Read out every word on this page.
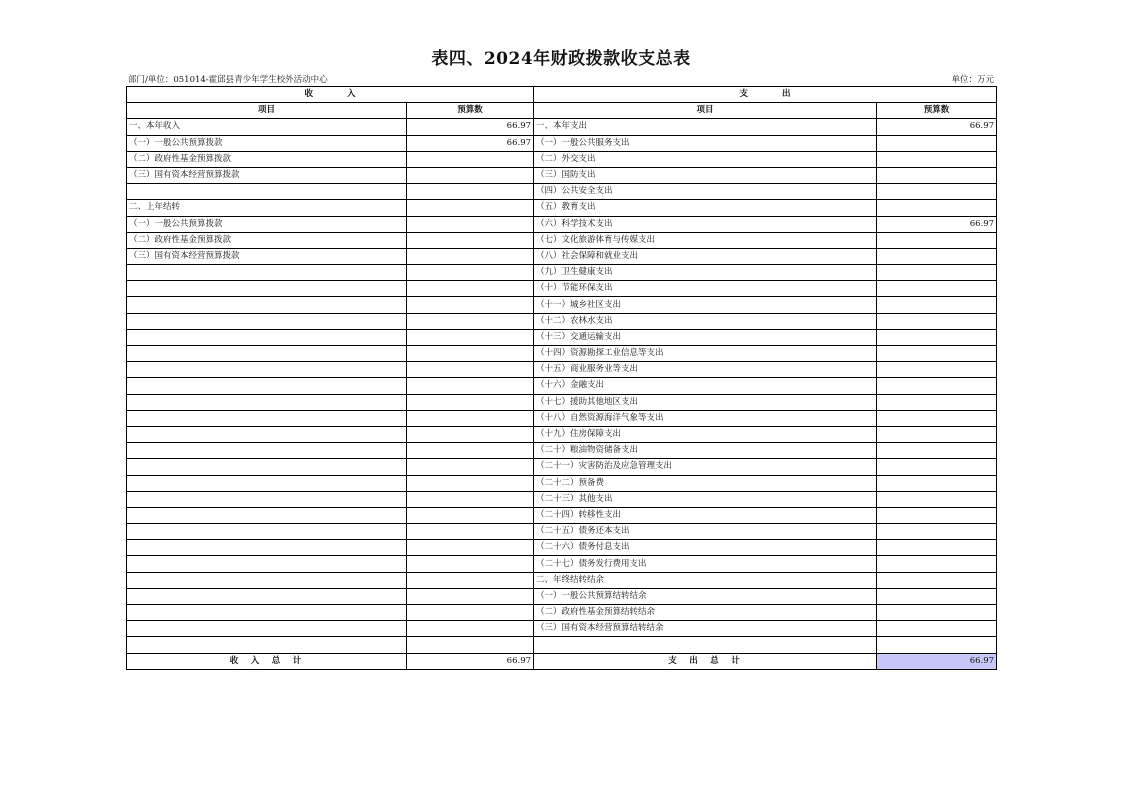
表四、2024年财政拨款收支总表
部门/单位：051014-霍邱县青少年学生校外活动中心	单位：万元
收　　　　入		支　　　　出	
项目	预算数	项目	预算数
一、本年收入	66.97	一、本年支出	66.97
（一）一般公共预算拨款	66.97	（一）一般公共服务支出	
（二）政府性基金预算拨款		（二）外交支出	
（三）国有资本经营预算拨款		（三）国防支出	
		（四）公共安全支出	
二、上年结转		（五）教育支出	
（一）一般公共预算拨款		（六）科学技术支出	66.97
（二）政府性基金预算拨款		（七）文化旅游体育与传媒支出	
（三）国有资本经营预算拨款		（八）社会保障和就业支出	
		（九）卫生健康支出	
		（十）节能环保支出	
		（十一）城乡社区支出	
		（十二）农林水支出	
		（十三）交通运输支出	
		（十四）资源勘探工业信息等支出	
		（十五）商业服务业等支出	
		（十六）金融支出	
		（十七）援助其他地区支出	
		（十八）自然资源海洋气象等支出	
		（十九）住房保障支出	
		（二十）粮油物资储备支出	
		（二十一）灾害防治及应急管理支出	
		（二十二）预备费	
		（二十三）其他支出	
		（二十四）转移性支出	
		（二十五）债务还本支出	
		（二十六）债务付息支出	
		（二十七）债务发行费用支出	
		二、年终结转结余	
		（一）一般公共预算结转结余	
		（二）政府性基金预算结转结余	
		（三）国有资本经营预算结转结余	

收　入　总　计	66.97	支　出　总　计	66.97
